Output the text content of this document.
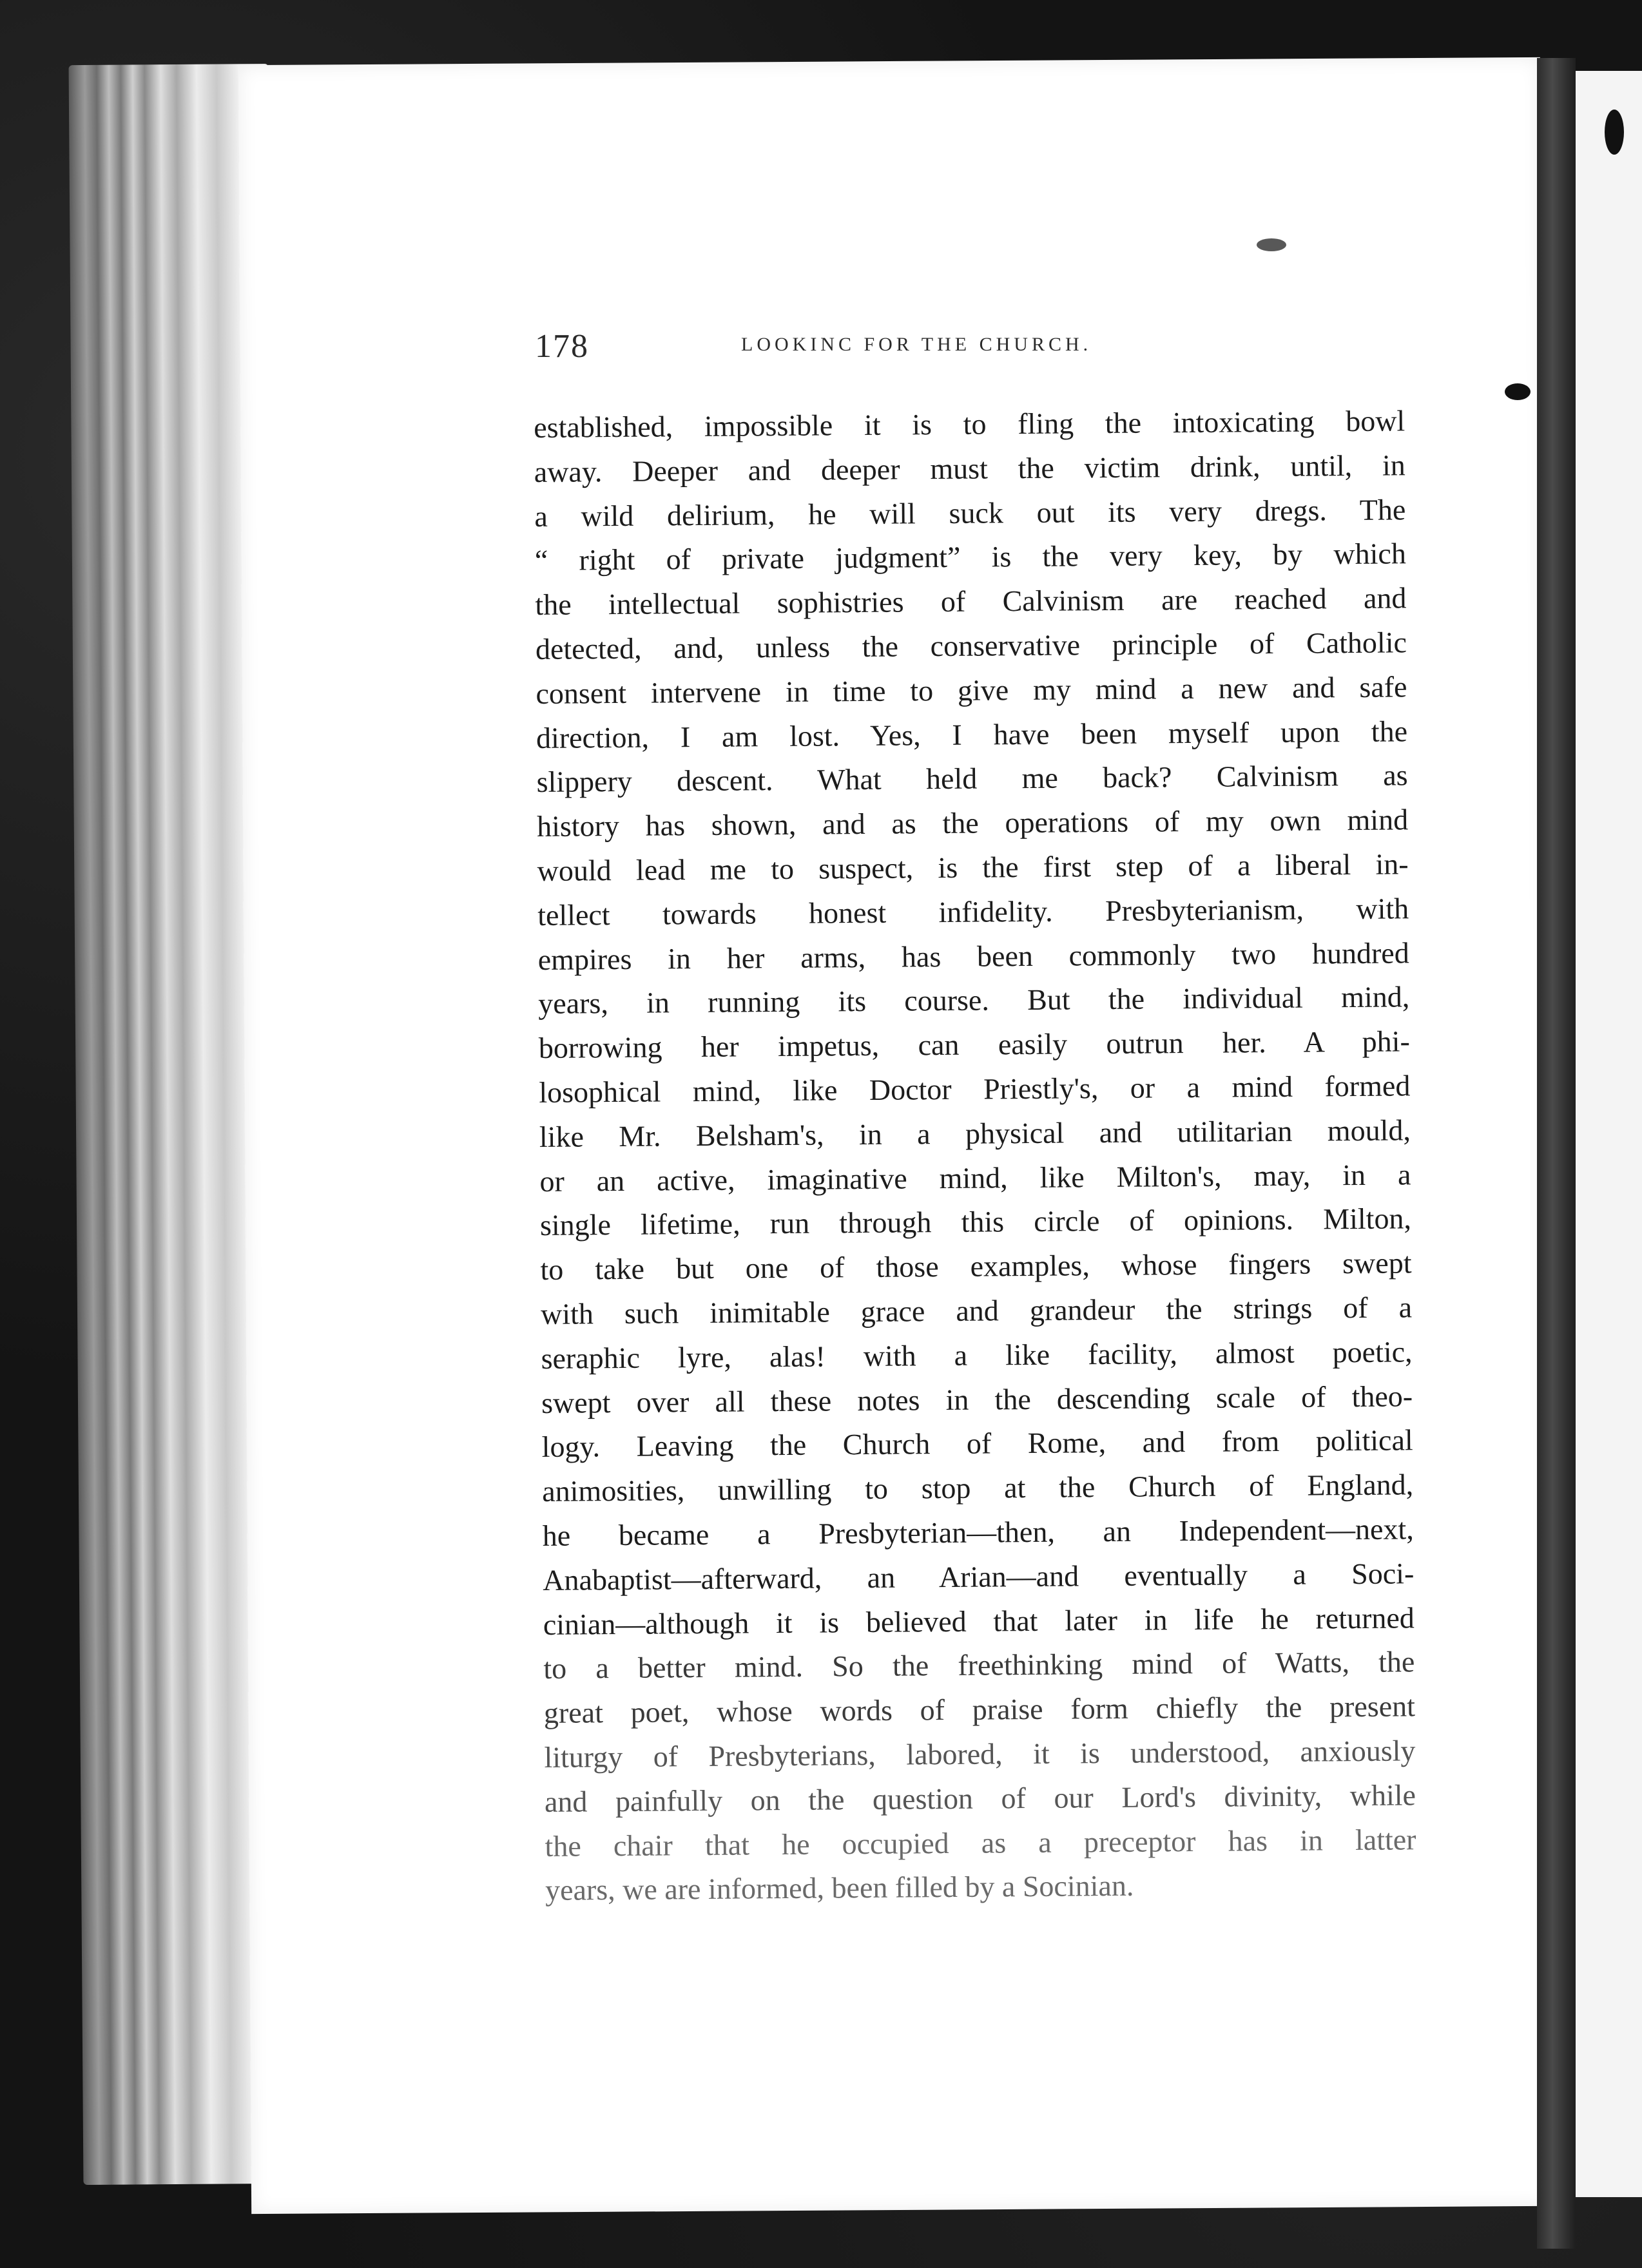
178	LOOKINC FOR THE CHURCH.
established, impossible it is to fling the intoxicating bowl
away. Deeper and deeper must the victim drink, until, in
a wild delirium, he will suck out its very dregs. The
“ right of private judgment” is the very key, by which
the intellectual sophistries of Calvinism are reached and
detected, and, unless the conservative principle of Catholic
consent intervene in time to give my mind a new and safe
direction, I am lost. Yes, I have been myself upon the
slippery descent. What held me back? Calvinism as
history has shown, and as the operations of my own mind
would lead me to suspect, is the first step of a liberal in-
tellect towards honest infidelity. Presbyterianism, with
empires in her arms, has been commonly two hundred
years, in running its course. But the individual mind,
borrowing her impetus, can easily outrun her. A phi-
losophical mind, like Doctor Priestly's, or a mind formed
like Mr. Belsham's, in a physical and utilitarian mould,
or an active, imaginative mind, like Milton's, may, in a
single lifetime, run through this circle of opinions. Milton,
to take but one of those examples, whose fingers swept
with such inimitable grace and grandeur the strings of a
seraphic lyre, alas! with a like facility, almost poetic,
swept over all these notes in the descending scale of theo-
logy. Leaving the Church of Rome, and from political
animosities, unwilling to stop at the Church of England,
he became a Presbyterian—then, an Independent—next,
Anabaptist—afterward, an Arian—and eventually a Soci-
cinian—although it is believed that later in life he returned
to a better mind. So the freethinking mind of Watts, the
great poet, whose words of praise form chiefly the present
liturgy of Presbyterians, labored, it is understood, anxiously
and painfully on the question of our Lord's divinity, while
the chair that he occupied as a preceptor has in latter
years, we are informed, been filled by a Socinian.
